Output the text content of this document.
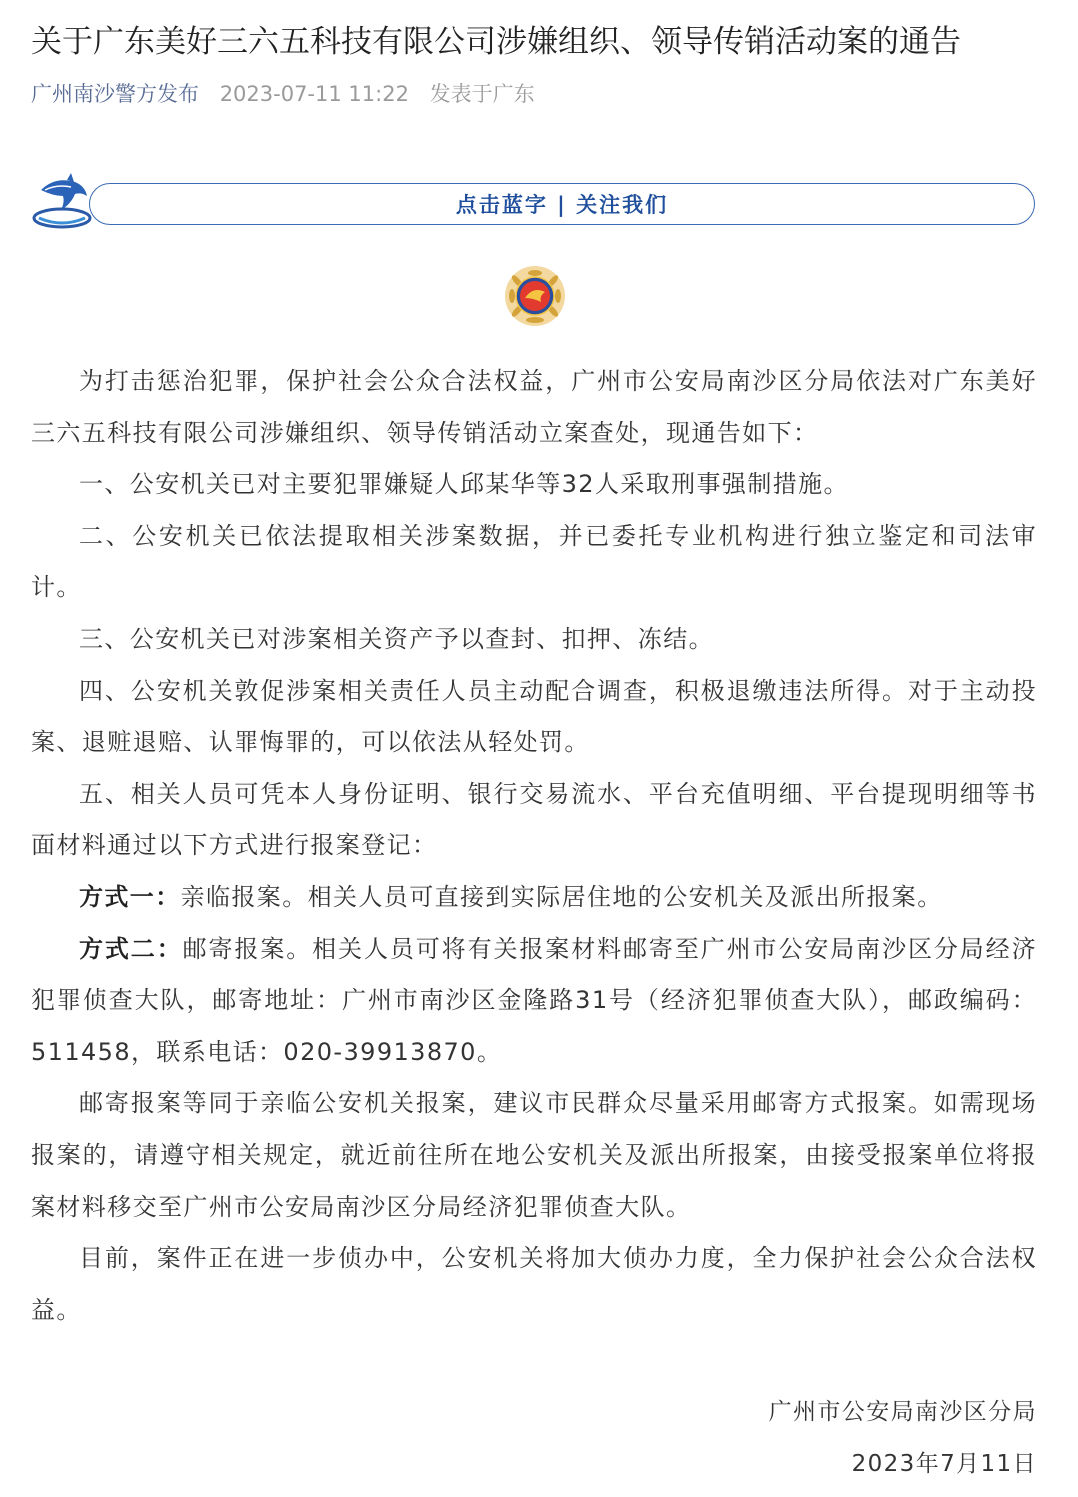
关于广东美好三六五科技有限公司涉嫌组织、领导传销活动案的通告
广州南沙警方发布 2023-07-11 11:22 发表于广东
点击蓝字 | 关注我们

为打击惩治犯罪，保护社会公众合法权益，广州市公安局南沙区分局依法对广东美好三六五科技有限公司涉嫌组织、领导传销活动立案查处，现通告如下：

一、公安机关已对主要犯罪嫌疑人邱某华等32人采取刑事强制措施。

二、公安机关已依法提取相关涉案数据，并已委托专业机构进行独立鉴定和司法审计。

三、公安机关已对涉案相关资产予以查封、扣押、冻结。

四、公安机关敦促涉案相关责任人员主动配合调查，积极退缴违法所得。对于主动投案、退赃退赔、认罪悔罪的，可以依法从轻处罚。

五、相关人员可凭本人身份证明、银行交易流水、平台充值明细、平台提现明细等书面材料通过以下方式进行报案登记：

方式一：亲临报案。相关人员可直接到实际居住地的公安机关及派出所报案。

方式二：邮寄报案。相关人员可将有关报案材料邮寄至广州市公安局南沙区分局经济犯罪侦查大队，邮寄地址：广州市南沙区金隆路31号（经济犯罪侦查大队），邮政编码：511458，联系电话：020-39913870。

邮寄报案等同于亲临公安机关报案，建议市民群众尽量采用邮寄方式报案。如需现场报案的，请遵守相关规定，就近前往所在地公安机关及派出所报案，由接受报案单位将报案材料移交至广州市公安局南沙区分局经济犯罪侦查大队。

目前，案件正在进一步侦办中，公安机关将加大侦办力度，全力保护社会公众合法权益。

广州市公安局南沙区分局
2023年7月11日
